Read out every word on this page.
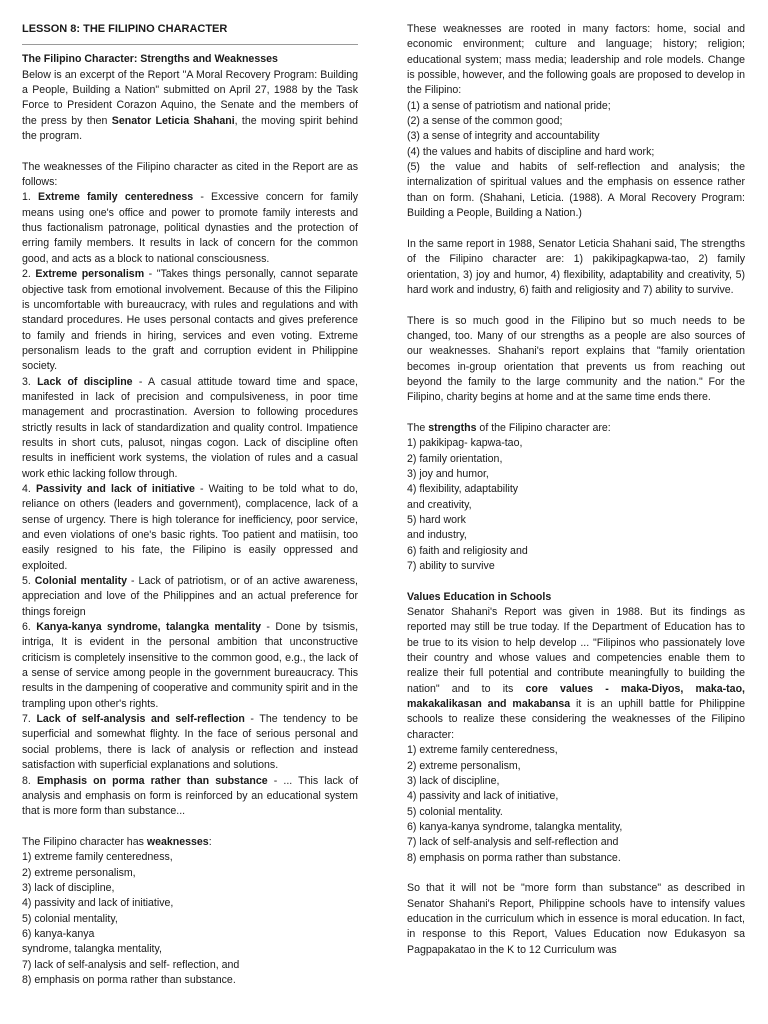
LESSON 8: THE FILIPINO CHARACTER

The Filipino Character: Strengths and Weaknesses

Below is an excerpt of the Report "A Moral Recovery Program: Building a People, Building a Nation" submitted on April 27, 1988 by the Task Force to President Corazon Aquino, the Senate and the members of the press by then Senator Leticia Shahani, the moving spirit behind the program.

The weaknesses of the Filipino character as cited in the Report are as follows:

1. Extreme family centeredness - Excessive concern for family means using one's office and power to promote family interests and thus factionalism patronage, political dynasties and the protection of erring family members. It results in lack of concern for the common good, and acts as a block to national consciousness.

2. Extreme personalism - "Takes things personally, cannot separate objective task from emotional involvement. Because of this the Filipino is uncomfortable with bureaucracy, with rules and regulations and with standard procedures. He uses personal contacts and gives preference to family and friends in hiring, services and even voting. Extreme personalism leads to the graft and corruption evident in Philippine society.

3. Lack of discipline - A casual attitude toward time and space, manifested in lack of precision and compulsiveness, in poor time management and procrastination. Aversion to following procedures strictly results in lack of standardization and quality control. Impatience results in short cuts, palusot, ningas cogon. Lack of discipline often results in inefficient work systems, the violation of rules and a casual work ethic lacking follow through.

4. Passivity and lack of initiative - Waiting to be told what to do, reliance on others (leaders and government), complacence, lack of a sense of urgency. There is high tolerance for inefficiency, poor service, and even violations of one's basic rights. Too patient and matiisin, too easily resigned to his fate, the Filipino is easily oppressed and exploited.

5. Colonial mentality - Lack of patriotism, or of an active awareness, appreciation and love of the Philippines and an actual preference for things foreign

6. Kanya-kanya syndrome, talangka mentality - Done by tsismis, intriga, It is evident in the personal ambition that unconstructive criticism is completely insensitive to the common good, e.g., the lack of a sense of service among people in the government bureaucracy. This results in the dampening of cooperative and community spirit and in the trampling upon other's rights.

7. Lack of self-analysis and self-reflection - The tendency to be superficial and somewhat flighty. In the face of serious personal and social problems, there is lack of analysis or reflection and instead satisfaction with superficial explanations and solutions.

8. Emphasis on porma rather than substance - ... This lack of analysis and emphasis on form is reinforced by an educational system that is more form than substance...

The Filipino character has weaknesses:

1) extreme family centeredness,

2) extreme personalism,

3) lack of discipline,

4) passivity and lack of initiative,

5) colonial mentality,

6) kanya-kanya

syndrome, talangka mentality,

7) lack of self-analysis and self- reflection, and

8) emphasis on porma rather than substance.

These weaknesses are rooted in many factors: home, social and economic environment; culture and language; history; religion; educational system; mass media; leadership and role models. Change is possible, however, and the following goals are proposed to develop in the Filipino:

(1) a sense of patriotism and national pride;

(2) a sense of the common good;

(3) a sense of integrity and accountability

(4) the values and habits of discipline and hard work;

(5) the value and habits of self-reflection and analysis; the internalization of spiritual values and the emphasis on essence rather than on form. (Shahani, Leticia. (1988). A Moral Recovery Program: Building a People, Building a Nation.)

In the same report in 1988, Senator Leticia Shahani said, The strengths of the Filipino character are: 1) pakikipagkapwa-tao, 2) family orientation, 3) joy and humor, 4) flexibility, adaptability and creativity, 5) hard work and industry, 6) faith and religiosity and 7) ability to survive.

There is so much good in the Filipino but so much needs to be changed, too. Many of our strengths as a people are also sources of our weaknesses. Shahani's report explains that "family orientation becomes in-group orientation that prevents us from reaching out beyond the family to the large community and the nation." For the Filipino, charity begins at home and at the same time ends there.

The strengths of the Filipino character are:

1) pakikipag- kapwa-tao,

2) family orientation,

3) joy and humor,

4) flexibility, adaptability

and creativity,

5) hard work

and industry,

6) faith and religiosity and

7) ability to survive

Values Education in Schools

Senator Shahani's Report was given in 1988. But its findings as reported may still be true today. If the Department of Education has to be true to its vision to help develop ... "Filipinos who passionately love their country and whose values and competencies enable them to realize their full potential and contribute meaningfully to building the nation" and to its core values - maka-Diyos, maka-tao, makakalikasan and makabansa it is an uphill battle for Philippine schools to realize these considering the weaknesses of the Filipino character:

1) extreme family centeredness,

2) extreme personalism,

3) lack of discipline,

4) passivity and lack of initiative,

5) colonial mentality.

6) kanya-kanya syndrome, talangka mentality,

7) lack of self-analysis and self-reflection and

8) emphasis on porma rather than substance.

So that it will not be "more form than substance" as described in Senator Shahani's Report, Philippine schools have to intensify values education in the curriculum which in essence is moral education. In fact, in response to this Report, Values Education now Edukasyon sa Pagpapakatao in the K to 12 Curriculum was
